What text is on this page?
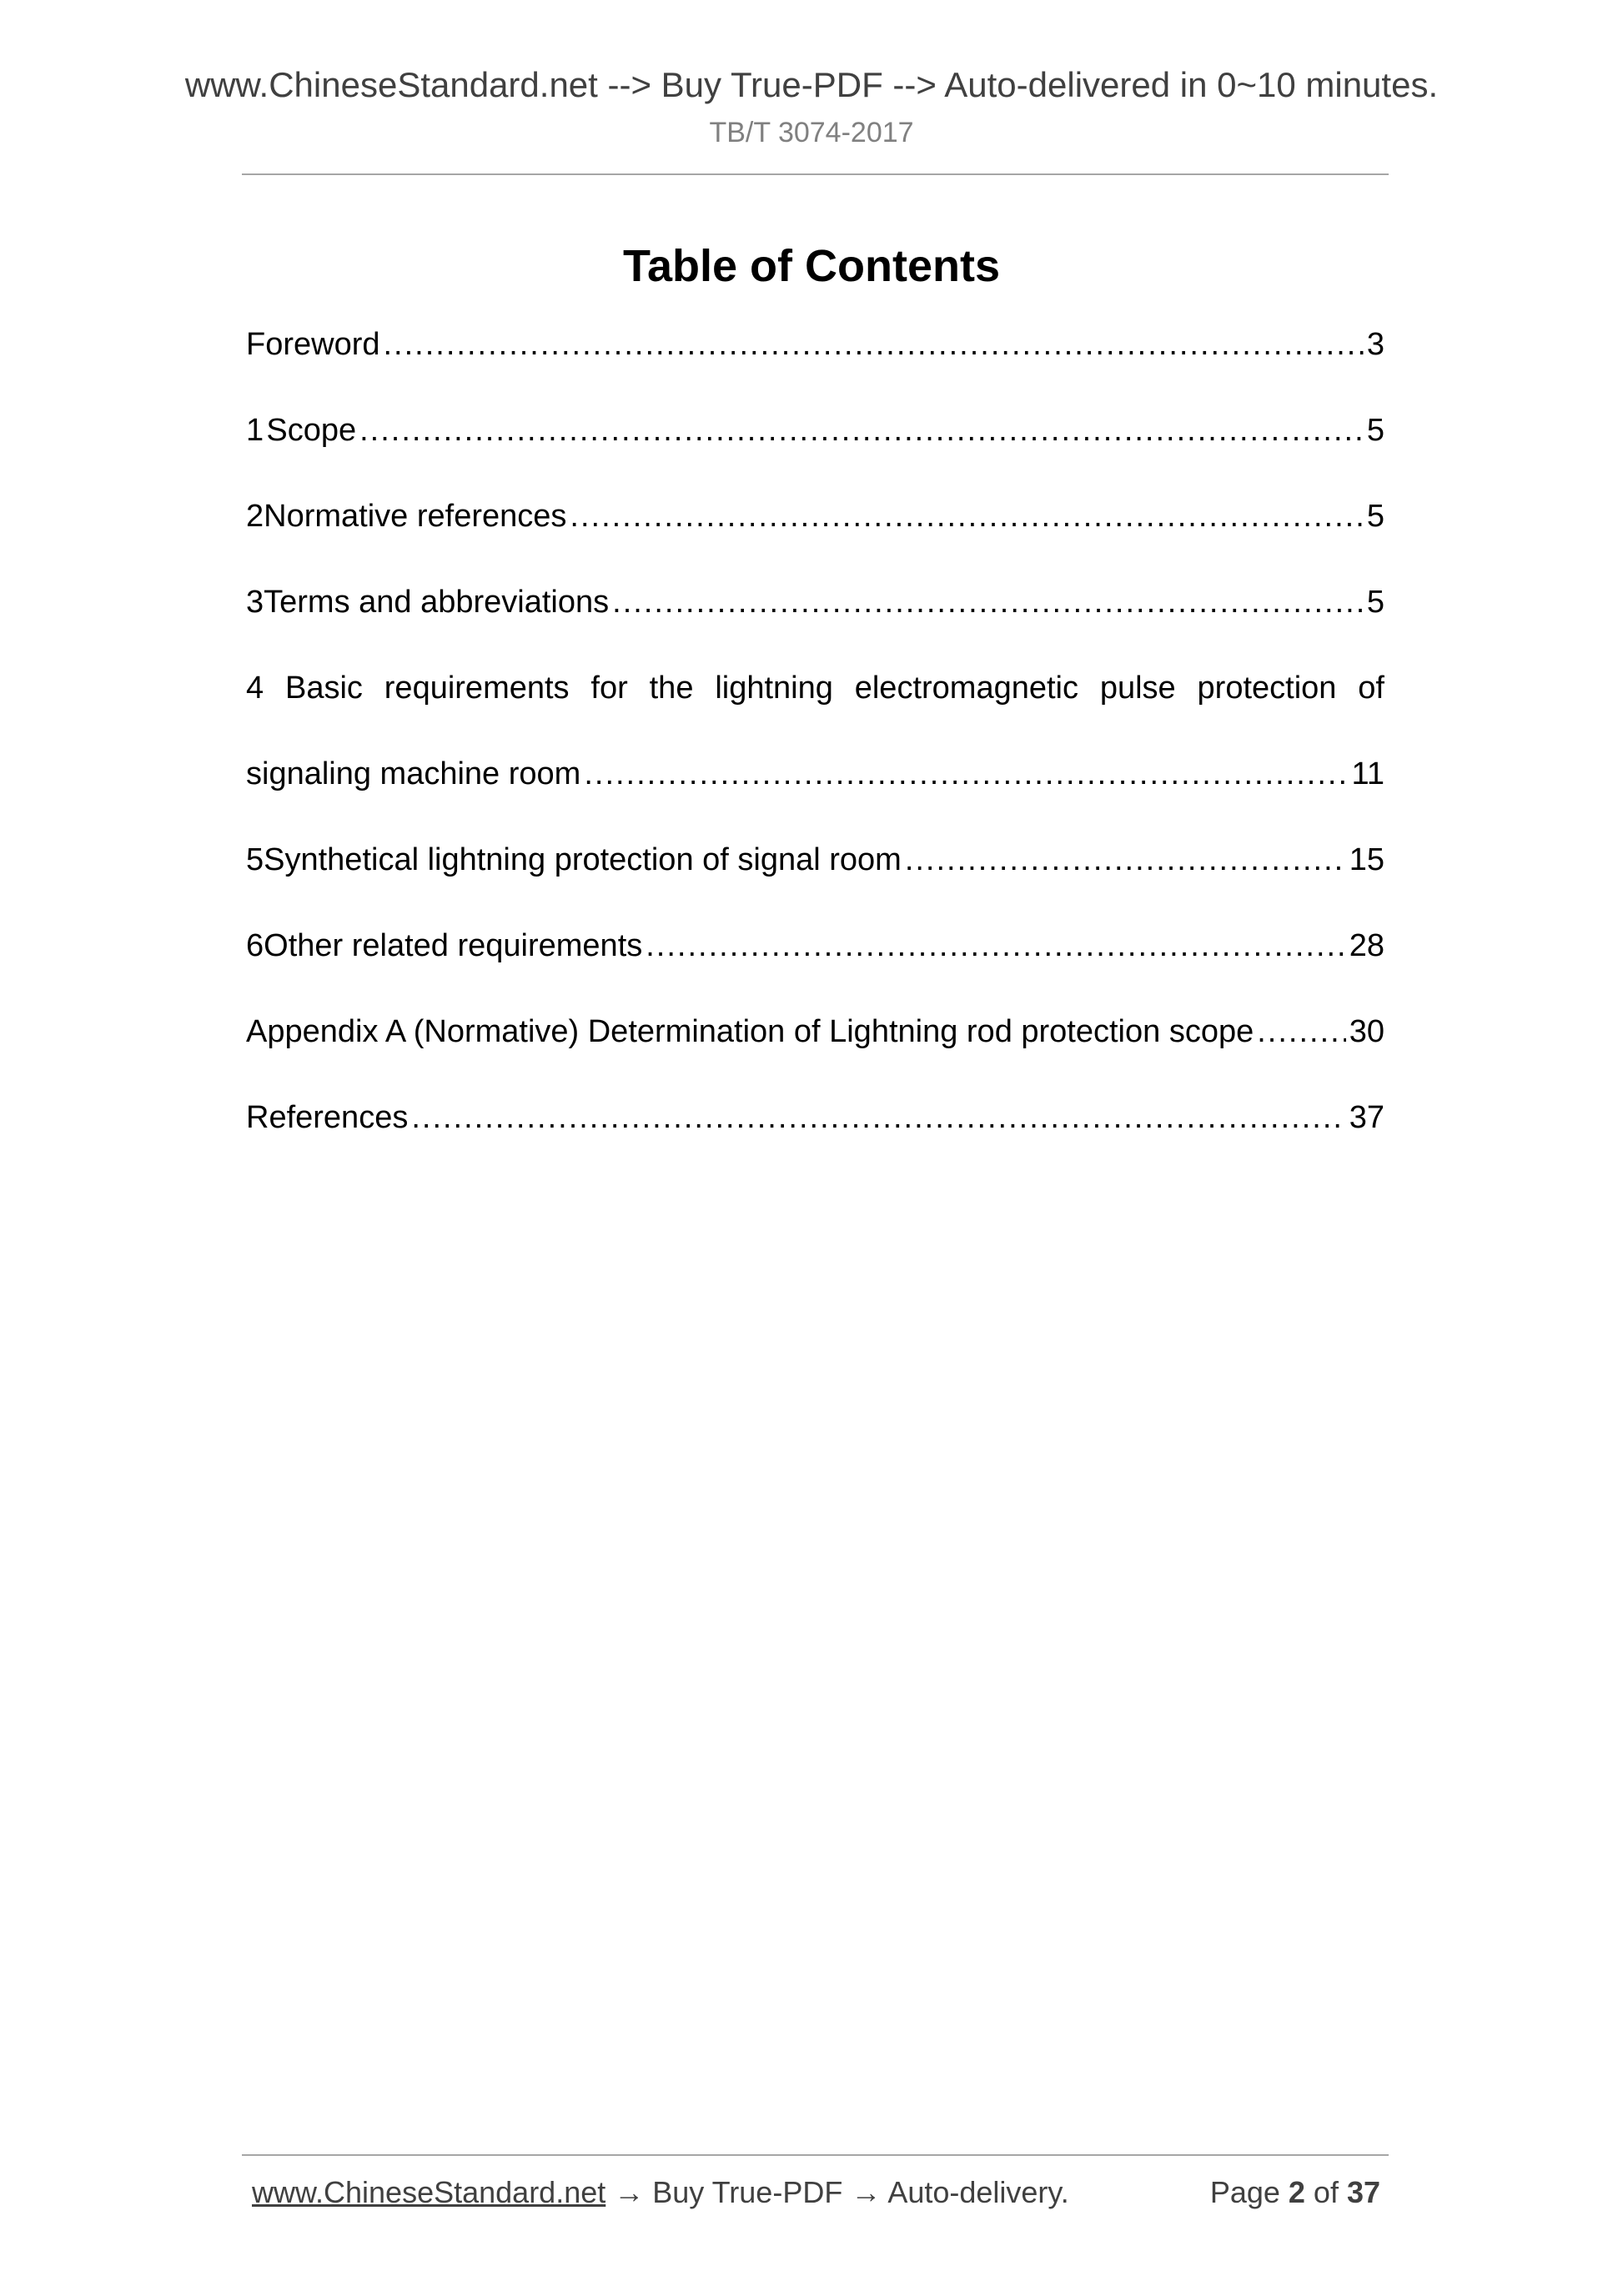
www.ChineseStandard.net --> Buy True-PDF --> Auto-delivered in 0~10 minutes.
TB/T 3074-2017
Table of Contents
Foreword .....	3
1 Scope .....	5
2 Normative references .....	5
3 Terms and abbreviations .....	5
4 Basic requirements for the lightning electromagnetic pulse protection of
signaling machine room .....	11
5 Synthetical lightning protection of signal room .....	15
6 Other related requirements .....	28
Appendix A (Normative) Determination of Lightning rod protection scope .....	30
References .....	37
www.ChineseStandard.net → Buy True-PDF → Auto-delivery.	Page 2 of 37
